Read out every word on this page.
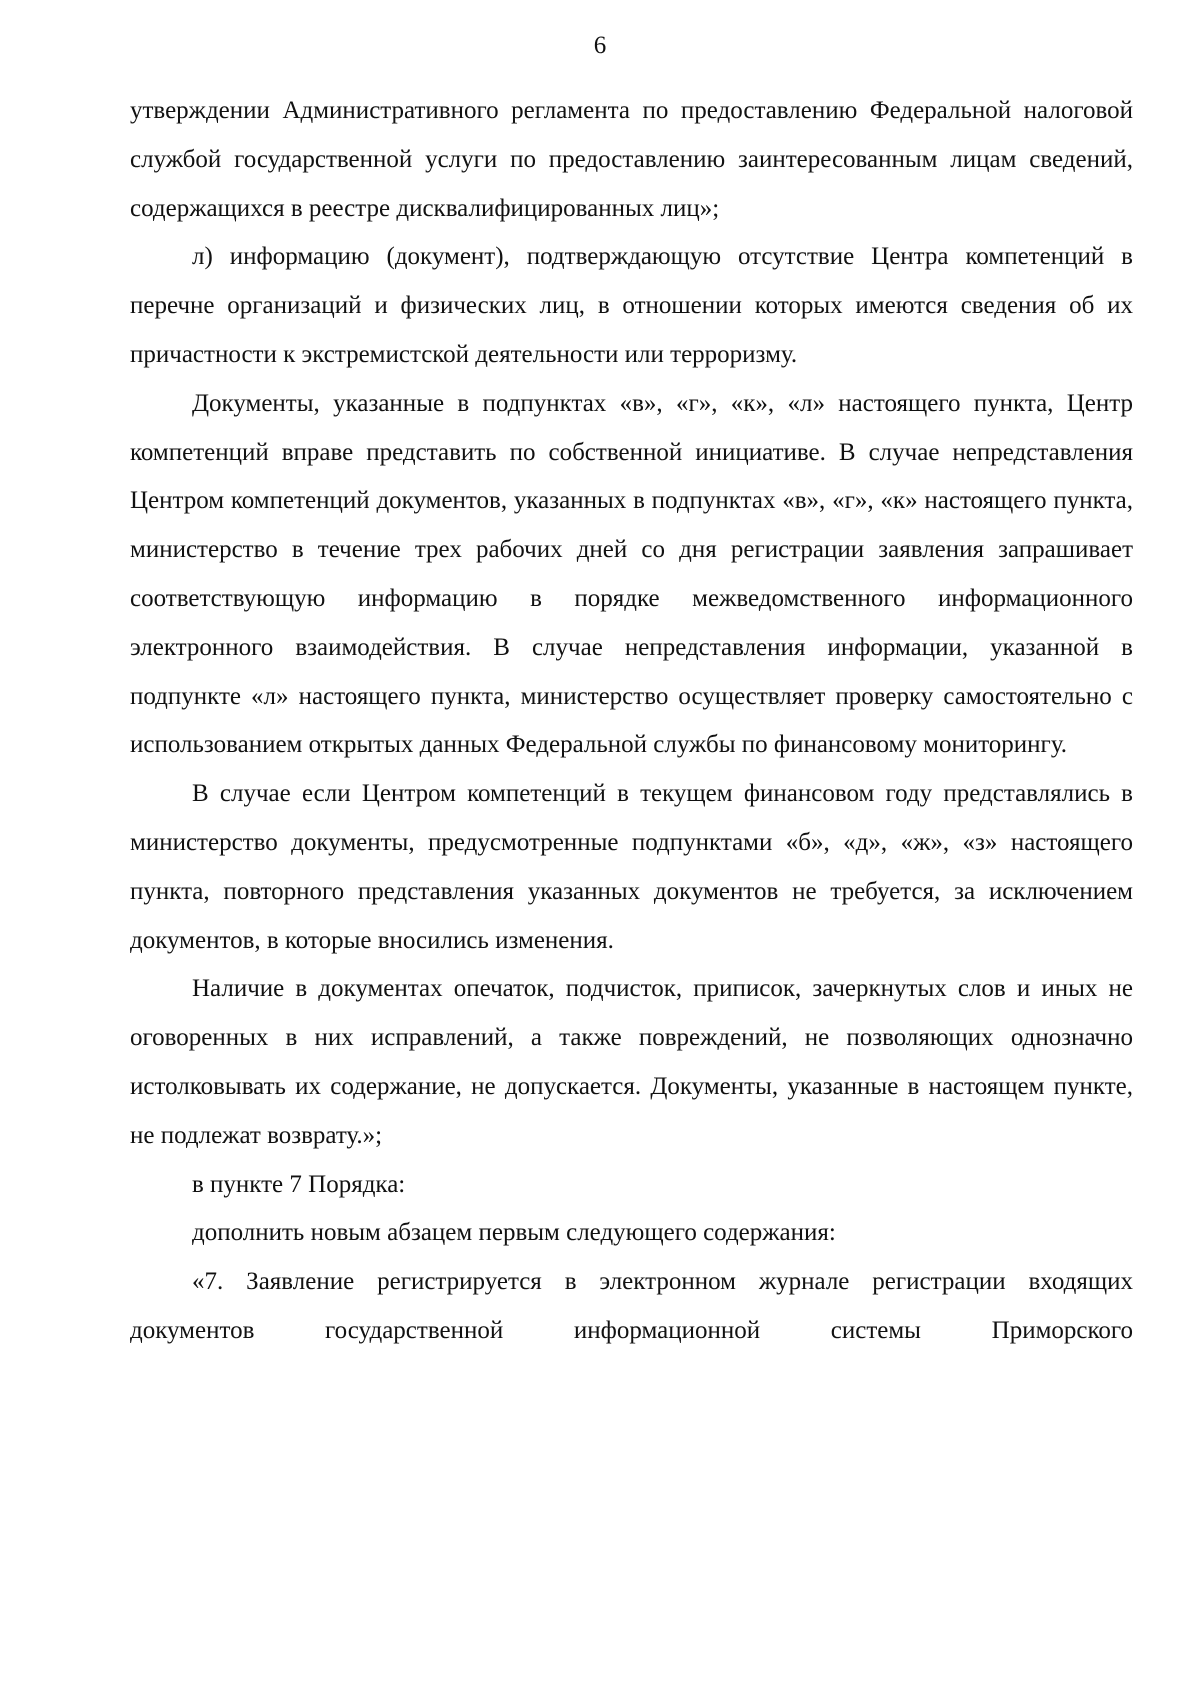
6

утверждении Административного регламента по предоставлению Федеральной налоговой службой государственной услуги по предоставлению заинтересованным лицам сведений, содержащихся в реестре дисквалифицированных лиц»;

л) информацию (документ), подтверждающую отсутствие Центра компетенций в перечне организаций и физических лиц, в отношении которых имеются сведения об их причастности к экстремистской деятельности или терроризму.

Документы, указанные в подпунктах «в», «г», «к», «л» настоящего пункта, Центр компетенций вправе представить по собственной инициативе. В случае непредставления Центром компетенций документов, указанных в подпунктах «в», «г», «к» настоящего пункта, министерство в течение трех рабочих дней со дня регистрации заявления запрашивает соответствующую информацию в порядке межведомственного информационного электронного взаимодействия. В случае непредставления информации, указанной в подпункте «л» настоящего пункта, министерство осуществляет проверку самостоятельно с использованием открытых данных Федеральной службы по финансовому мониторингу.

В случае если Центром компетенций в текущем финансовом году представлялись в министерство документы, предусмотренные подпунктами «б», «д», «ж», «з» настоящего пункта, повторного представления указанных документов не требуется, за исключением документов, в которые вносились изменения.

Наличие в документах опечаток, подчисток, приписок, зачеркнутых слов и иных не оговоренных в них исправлений, а также повреждений, не позволяющих однозначно истолковывать их содержание, не допускается. Документы, указанные в настоящем пункте, не подлежат возврату.»;

в пункте 7 Порядка:

дополнить новым абзацем первым следующего содержания:

«7. Заявление регистрируется в электронном журнале регистрации входящих документов государственной информационной системы Приморского
